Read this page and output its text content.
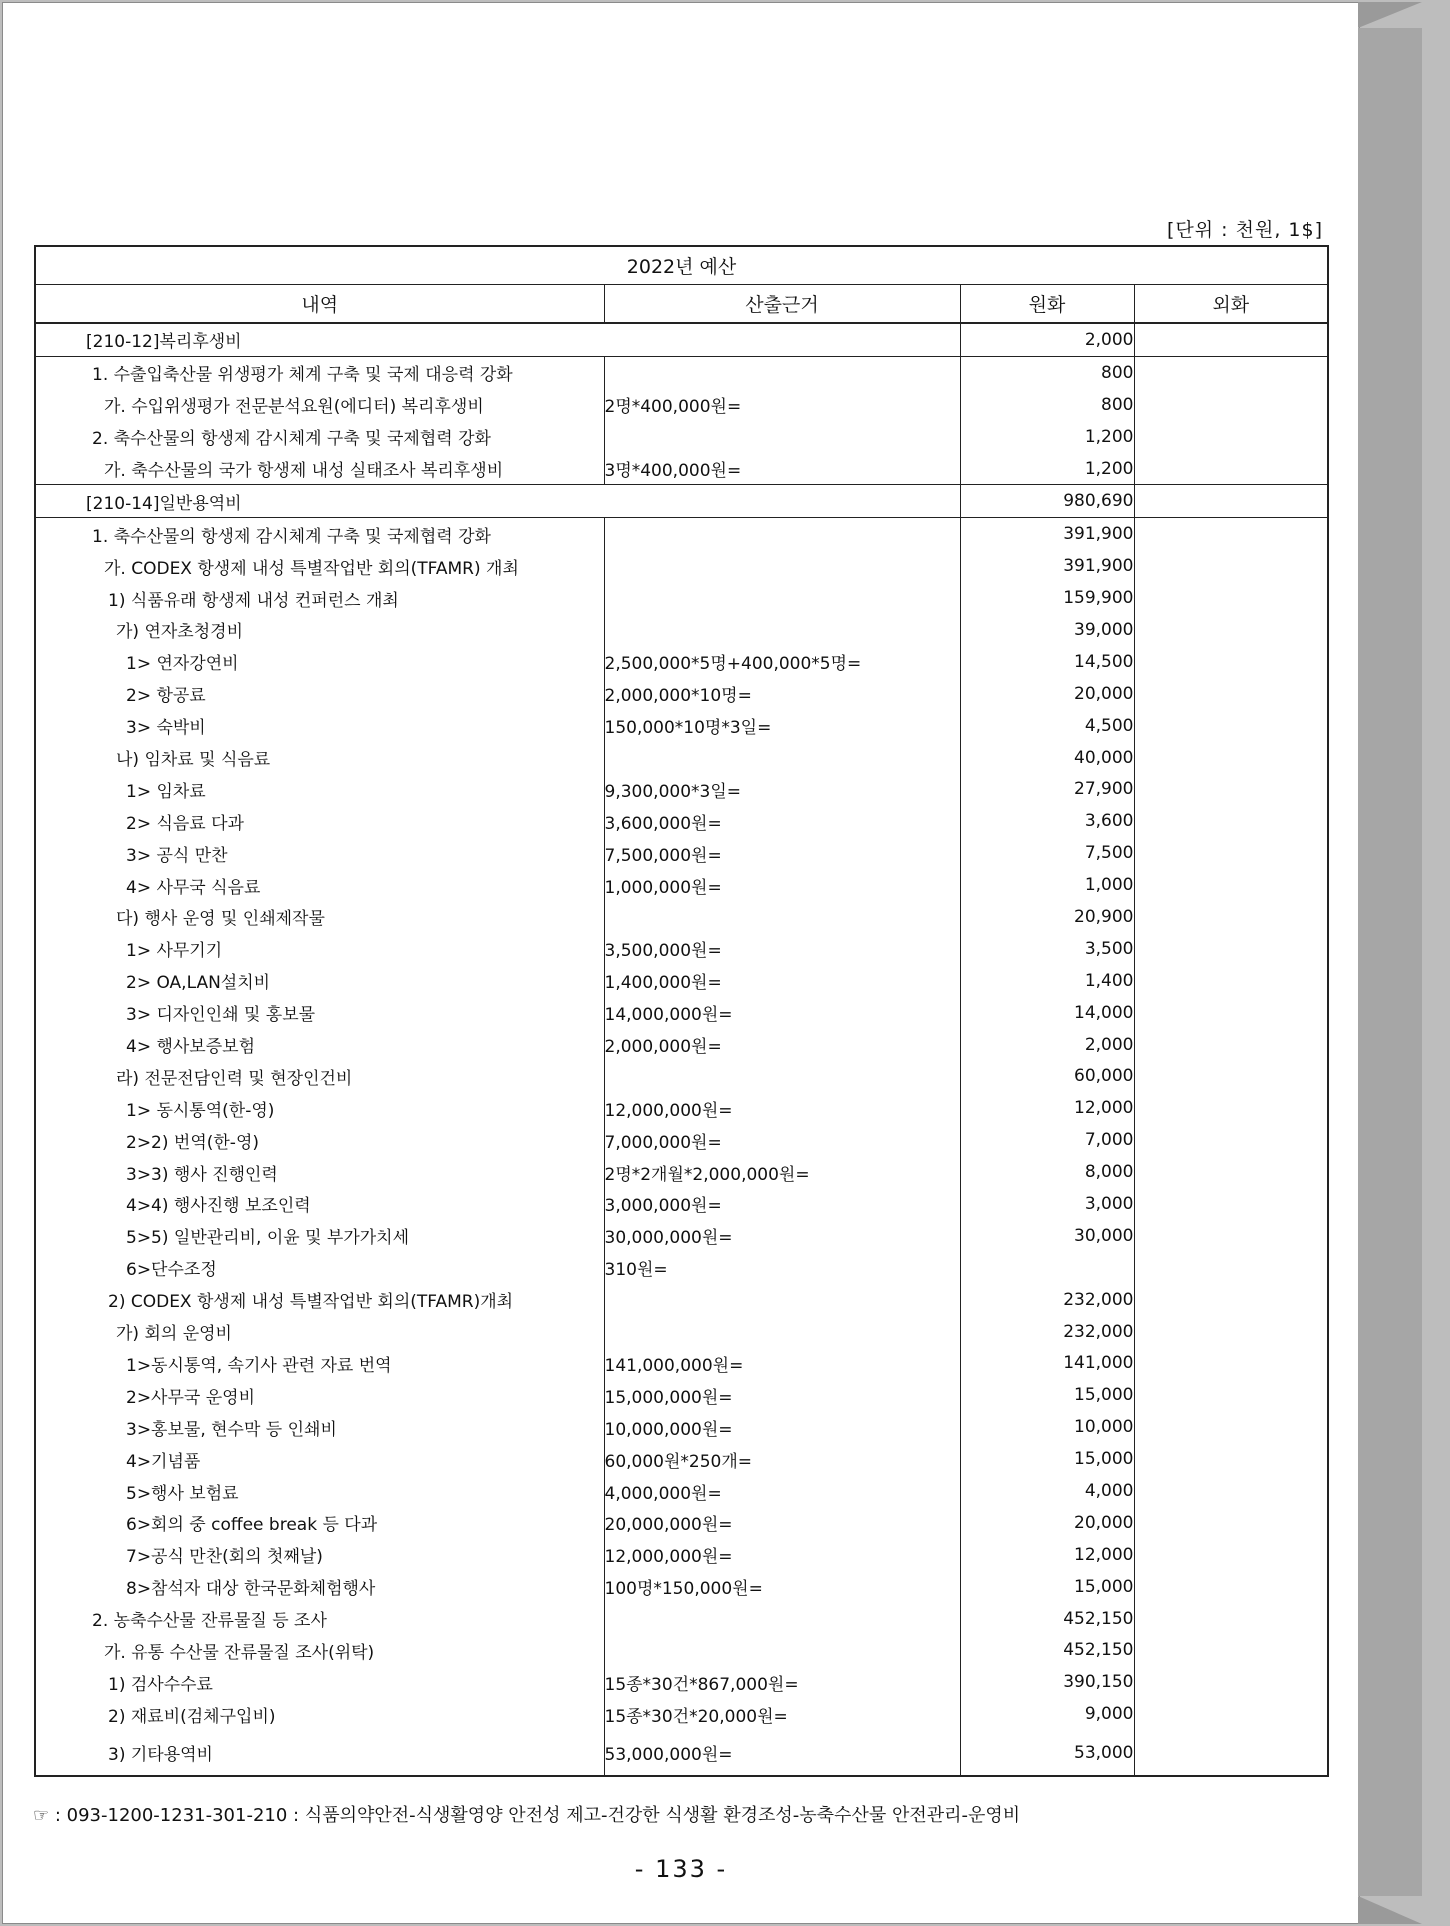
[단위 : 천원, 1$]
2022년 예산			
내역	산출근거	원화	외화
[210-12]복리후생비		2,000	
1. 수출입축산물 위생평가 체계 구축 및 국제 대응력 강화		800	
가. 수입위생평가 전문분석요원(에디터) 복리후생비	2명*400,000원=	800	
2. 축수산물의 항생제 감시체계 구축 및 국제협력 강화		1,200	
가. 축수산물의 국가 항생제 내성 실태조사 복리후생비	3명*400,000원=	1,200	
[210-14]일반용역비		980,690	
1. 축수산물의 항생제 감시체계 구축 및 국제협력 강화		391,900	
가. CODEX 항생제 내성 특별작업반 회의(TFAMR) 개최		391,900	
1) 식품유래 항생제 내성 컨퍼런스 개최		159,900	
가) 연자초청경비		39,000	
1> 연자강연비	2,500,000*5명+400,000*5명=	14,500	
2> 항공료	2,000,000*10명=	20,000	
3> 숙박비	150,000*10명*3일=	4,500	
나) 임차료 및 식음료		40,000	
1> 임차료	9,300,000*3일=	27,900	
2> 식음료 다과	3,600,000원=	3,600	
3> 공식 만찬	7,500,000원=	7,500	
4> 사무국 식음료	1,000,000원=	1,000	
다) 행사 운영 및 인쇄제작물		20,900	
1> 사무기기	3,500,000원=	3,500	
2> OA,LAN설치비	1,400,000원=	1,400	
3> 디자인인쇄 및 홍보물	14,000,000원=	14,000	
4> 행사보증보험	2,000,000원=	2,000	
라) 전문전담인력 및 현장인건비		60,000	
1> 동시통역(한-영)	12,000,000원=	12,000	
2>2) 번역(한-영)	7,000,000원=	7,000	
3>3) 행사 진행인력	2명*2개월*2,000,000원=	8,000	
4>4) 행사진행 보조인력	3,000,000원=	3,000	
5>5) 일반관리비, 이윤 및 부가가치세	30,000,000원=	30,000	
6>단수조정	310원=		
2) CODEX 항생제 내성 특별작업반 회의(TFAMR)개최		232,000	
가) 회의 운영비		232,000	
1>동시통역, 속기사 관련 자료 번역	141,000,000원=	141,000	
2>사무국 운영비	15,000,000원=	15,000	
3>홍보물, 현수막 등 인쇄비	10,000,000원=	10,000	
4>기념품	60,000원*250개=	15,000	
5>행사 보험료	4,000,000원=	4,000	
6>회의 중 coffee break 등 다과	20,000,000원=	20,000	
7>공식 만찬(회의 첫째날)	12,000,000원=	12,000	
8>참석자 대상 한국문화체험행사	100명*150,000원=	15,000	
2. 농축수산물 잔류물질 등 조사		452,150	
가. 유통 수산물 잔류물질 조사(위탁)		452,150	
1) 검사수수료	15종*30건*867,000원=	390,150	
2) 재료비(검체구입비)	15종*30건*20,000원=	9,000	
3) 기타용역비	53,000,000원=	53,000	
☞ : 093-1200-1231-301-210 : 식품의약안전-식생활영양 안전성 제고-건강한 식생활 환경조성-농축수산물 안전관리-운영비
- 133 -
